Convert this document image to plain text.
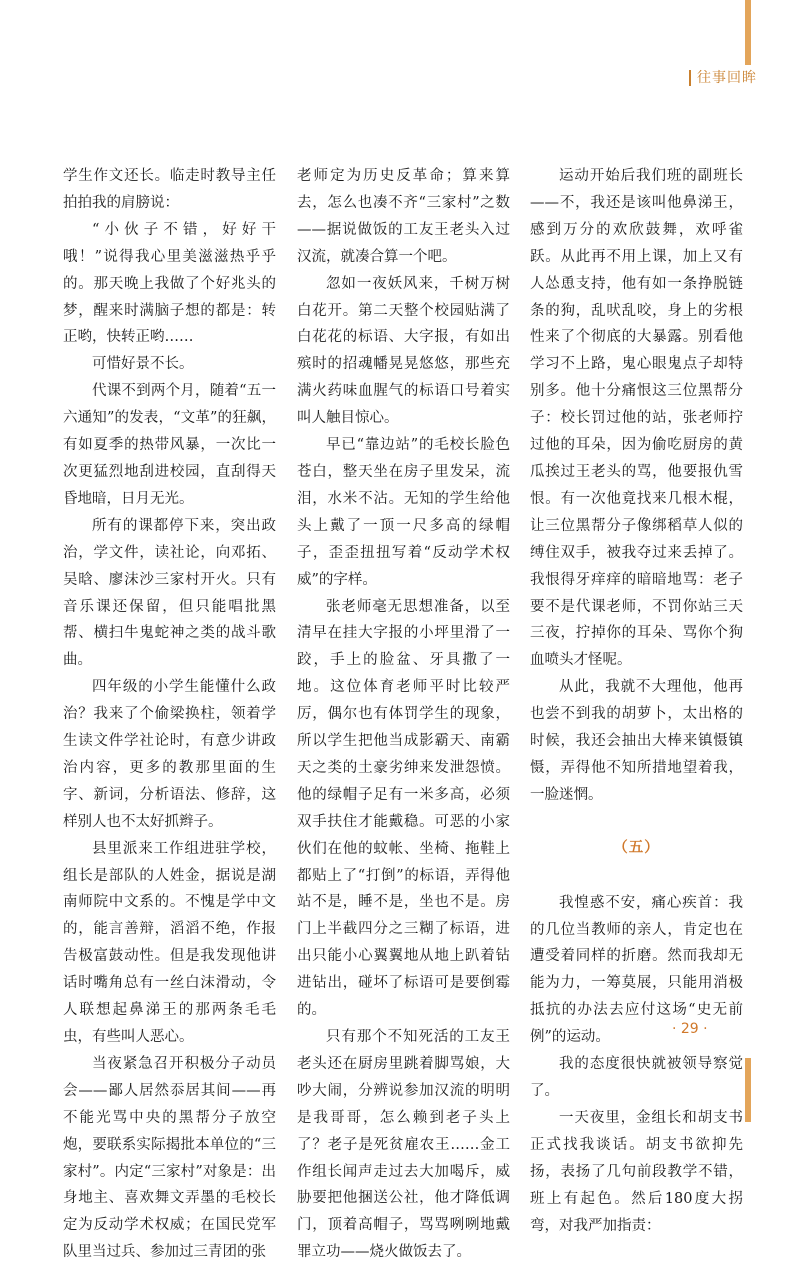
往事回眸

学生作文还长。临走时教导主任拍拍我的肩膀说：

“小伙子不错，好好干哦！”说得我心里美滋滋热乎乎的。那天晚上我做了个好兆头的梦，醒来时满脑子想的都是：转正哟，快转正哟……

可惜好景不长。

代课不到两个月，随着“五一六通知”的发表，“文革”的狂飙，有如夏季的热带风暴，一次比一次更猛烈地刮进校园，直刮得天昏地暗，日月无光。

所有的课都停下来，突出政治，学文件，读社论，向邓拓、吴晗、廖沫沙三家村开火。只有音乐课还保留，但只能唱批黑帮、横扫牛鬼蛇神之类的战斗歌曲。

四年级的小学生能懂什么政治？我来了个偷梁换柱，领着学生读文件学社论时，有意少讲政治内容，更多的教那里面的生字、新词，分析语法、修辞，这样别人也不太好抓辫子。

县里派来工作组进驻学校，组长是部队的人姓金，据说是湖南师院中文系的。不愧是学中文的，能言善辩，滔滔不绝，作报告极富鼓动性。但是我发现他讲话时嘴角总有一丝白沫滑动，令人联想起鼻涕王的那两条毛毛虫，有些叫人恶心。

当夜紧急召开积极分子动员会——鄙人居然忝居其间——再不能光骂中央的黑帮分子放空炮，要联系实际揭批本单位的“三家村”。内定“三家村”对象是：出身地主、喜欢舞文弄墨的毛校长定为反动学术权威；在国民党军队里当过兵、参加过三青团的张

老师定为历史反革命；算来算去，怎么也凑不齐“三家村”之数——据说做饭的工友王老头入过汉流，就凑合算一个吧。

忽如一夜妖风来，千树万树白花开。第二天整个校园贴满了白花花的标语、大字报，有如出殡时的招魂幡晃晃悠悠，那些充满火药味血腥气的标语口号着实叫人触目惊心。

早已“靠边站”的毛校长脸色苍白，整天坐在房子里发呆，流泪，水米不沾。无知的学生给他头上戴了一顶一尺多高的绿帽子，歪歪扭扭写着“反动学术权威”的字样。

张老师毫无思想准备，以至清早在挂大字报的小坪里滑了一跤，手上的脸盆、牙具撒了一地。这位体育老师平时比较严厉，偶尔也有体罚学生的现象，所以学生把他当成影霸天、南霸天之类的土豪劣绅来发泄怨愤。他的绿帽子足有一米多高，必须双手扶住才能戴稳。可恶的小家伙们在他的蚊帐、坐椅、拖鞋上都贴上了“打倒”的标语，弄得他站不是，睡不是，坐也不是。房门上半截四分之三糊了标语，进出只能小心翼翼地从地上趴着钻进钻出，碰坏了标语可是要倒霉的。

只有那个不知死活的工友王老头还在厨房里跳着脚骂娘，大吵大闹，分辨说参加汉流的明明是我哥哥，怎么赖到老子头上了？老子是死贫雇农王……金工作组长闻声走过去大加喝斥，威胁要把他捆送公社，他才降低调门，顶着高帽子，骂骂咧咧地戴罪立功——烧火做饭去了。

运动开始后我们班的副班长——不，我还是该叫他鼻涕王，感到万分的欢欣鼓舞，欢呼雀跃。从此再不用上课，加上又有人怂恿支持，他有如一条挣脱链条的狗，乱吠乱咬，身上的劣根性来了个彻底的大暴露。别看他学习不上路，鬼心眼鬼点子却特别多。他十分痛恨这三位黑帮分子：校长罚过他的站，张老师拧过他的耳朵，因为偷吃厨房的黄瓜挨过王老头的骂，他要报仇雪恨。有一次他竟找来几根木棍，让三位黑帮分子像绑稻草人似的缚住双手，被我夺过来丢掉了。我恨得牙痒痒的暗暗地骂：老子要不是代课老师，不罚你站三天三夜，拧掉你的耳朵、骂你个狗血喷头才怪呢。

从此，我就不大理他，他再也尝不到我的胡萝卜，太出格的时候，我还会抽出大棒来镇慑镇慑，弄得他不知所措地望着我，一脸迷惘。

（五）

我惶惑不安，痛心疾首：我的几位当教师的亲人，肯定也在遭受着同样的折磨。然而我却无能为力，一筹莫展，只能用消极抵抗的办法去应付这场“史无前例”的运动。

我的态度很快就被领导察觉了。

一天夜里，金组长和胡支书正式找我谈话。胡支书欲抑先扬，表扬了几句前段教学不错，班上有起色。然后180度大拐弯，对我严加指责：

· 29 ·
